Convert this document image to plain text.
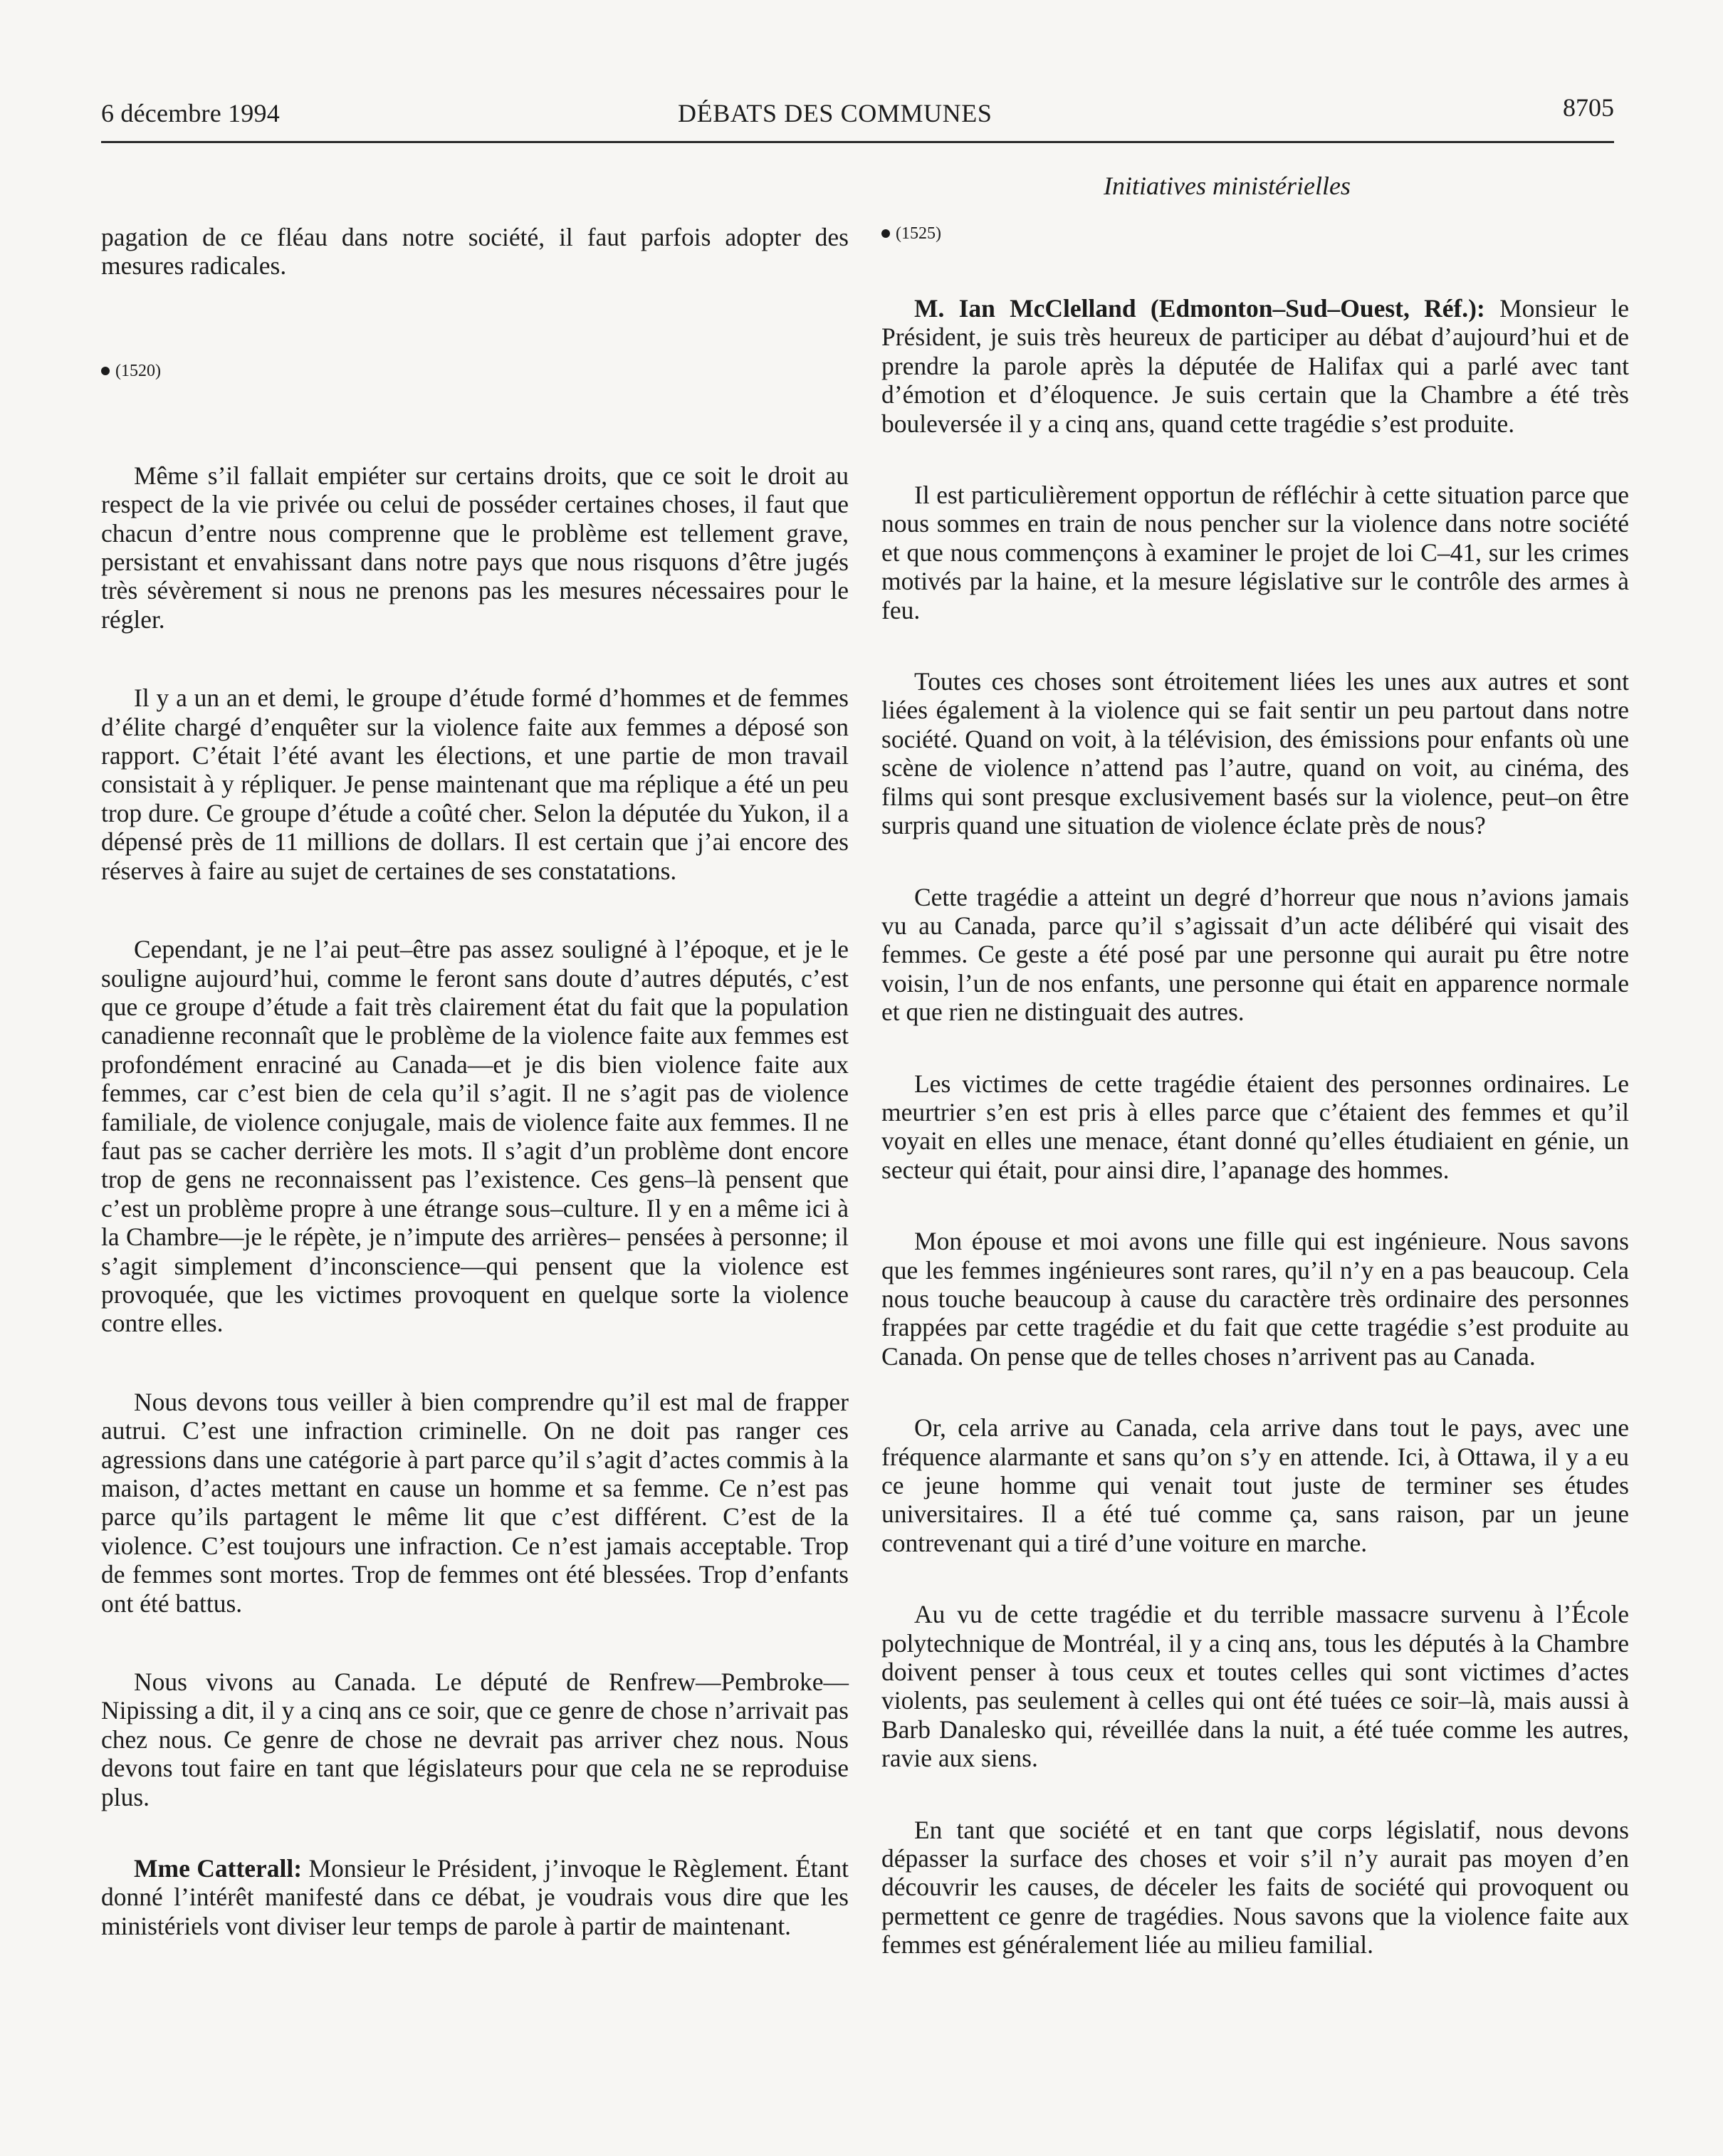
6 décembre 1994	DÉBATS DES COMMUNES	8705
Initiatives ministérielles

pagation de ce fléau dans notre société, il faut parfois adopter des mesures radicales.

(1520)

Même s’il fallait empiéter sur certains droits, que ce soit le droit au respect de la vie privée ou celui de posséder certaines choses, il faut que chacun d’entre nous comprenne que le problème est tellement grave, persistant et envahissant dans notre pays que nous risquons d’être jugés très sévèrement si nous ne prenons pas les mesures nécessaires pour le régler.

Il y a un an et demi, le groupe d’étude formé d’hommes et de femmes d’élite chargé d’enquêter sur la violence faite aux femmes a déposé son rapport. C’était l’été avant les élections, et une partie de mon travail consistait à y répliquer. Je pense maintenant que ma réplique a été un peu trop dure. Ce groupe d’étude a coûté cher. Selon la députée du Yukon, il a dépensé près de 11 millions de dollars. Il est certain que j’ai encore des réserves à faire au sujet de certaines de ses constatations.

Cependant, je ne l’ai peut–être pas assez souligné à l’époque, et je le souligne aujourd’hui, comme le feront sans doute d’autres députés, c’est que ce groupe d’étude a fait très clairement état du fait que la population canadienne reconnaît que le problème de la violence faite aux femmes est profondément enraciné au Canada—et je dis bien violence faite aux femmes, car c’est bien de cela qu’il s’agit. Il ne s’agit pas de violence familiale, de violence conjugale, mais de violence faite aux femmes. Il ne faut pas se cacher derrière les mots. Il s’agit d’un problème dont encore trop de gens ne reconnaissent pas l’existence. Ces gens–là pensent que c’est un problème propre à une étrange sous–culture. Il y en a même ici à la Chambre—je le répète, je n’impute des arrières– pensées à personne; il s’agit simplement d’inconscience—qui pensent que la violence est provoquée, que les victimes provoquent en quelque sorte la violence contre elles.

Nous devons tous veiller à bien comprendre qu’il est mal de frapper autrui. C’est une infraction criminelle. On ne doit pas ranger ces agressions dans une catégorie à part parce qu’il s’agit d’actes commis à la maison, d’actes mettant en cause un homme et sa femme. Ce n’est pas parce qu’ils partagent le même lit que c’est différent. C’est de la violence. C’est toujours une infraction. Ce n’est jamais acceptable. Trop de femmes sont mortes. Trop de femmes ont été blessées. Trop d’enfants ont été battus.

Nous vivons au Canada. Le député de Renfrew—Pembroke— Nipissing a dit, il y a cinq ans ce soir, que ce genre de chose n’arrivait pas chez nous. Ce genre de chose ne devrait pas arriver chez nous. Nous devons tout faire en tant que législateurs pour que cela ne se reproduise plus.

Mme Catterall: Monsieur le Président, j’invoque le Règlement. Étant donné l’intérêt manifesté dans ce débat, je voudrais vous dire que les ministériels vont diviser leur temps de parole à partir de maintenant.

(1525)

M. Ian McClelland (Edmonton–Sud–Ouest, Réf.): Monsieur le Président, je suis très heureux de participer au débat d’aujourd’hui et de prendre la parole après la députée de Halifax qui a parlé avec tant d’émotion et d’éloquence. Je suis certain que la Chambre a été très bouleversée il y a cinq ans, quand cette tragédie s’est produite.

Il est particulièrement opportun de réfléchir à cette situation parce que nous sommes en train de nous pencher sur la violence dans notre société et que nous commençons à examiner le projet de loi C–41, sur les crimes motivés par la haine, et la mesure législative sur le contrôle des armes à feu.

Toutes ces choses sont étroitement liées les unes aux autres et sont liées également à la violence qui se fait sentir un peu partout dans notre société. Quand on voit, à la télévision, des émissions pour enfants où une scène de violence n’attend pas l’autre, quand on voit, au cinéma, des films qui sont presque exclusivement basés sur la violence, peut–on être surpris quand une situation de violence éclate près de nous?

Cette tragédie a atteint un degré d’horreur que nous n’avions jamais vu au Canada, parce qu’il s’agissait d’un acte délibéré qui visait des femmes. Ce geste a été posé par une personne qui aurait pu être notre voisin, l’un de nos enfants, une personne qui était en apparence normale et que rien ne distinguait des autres.

Les victimes de cette tragédie étaient des personnes ordinaires. Le meurtrier s’en est pris à elles parce que c’étaient des femmes et qu’il voyait en elles une menace, étant donné qu’elles étudiaient en génie, un secteur qui était, pour ainsi dire, l’apanage des hommes.

Mon épouse et moi avons une fille qui est ingénieure. Nous savons que les femmes ingénieures sont rares, qu’il n’y en a pas beaucoup. Cela nous touche beaucoup à cause du caractère très ordinaire des personnes frappées par cette tragédie et du fait que cette tragédie s’est produite au Canada. On pense que de telles choses n’arrivent pas au Canada.

Or, cela arrive au Canada, cela arrive dans tout le pays, avec une fréquence alarmante et sans qu’on s’y en attende. Ici, à Ottawa, il y a eu ce jeune homme qui venait tout juste de terminer ses études universitaires. Il a été tué comme ça, sans raison, par un jeune contrevenant qui a tiré d’une voiture en marche.

Au vu de cette tragédie et du terrible massacre survenu à l’École polytechnique de Montréal, il y a cinq ans, tous les députés à la Chambre doivent penser à tous ceux et toutes celles qui sont victimes d’actes violents, pas seulement à celles qui ont été tuées ce soir–là, mais aussi à Barb Danalesko qui, réveillée dans la nuit, a été tuée comme les autres, ravie aux siens.

En tant que société et en tant que corps législatif, nous devons dépasser la surface des choses et voir s’il n’y aurait pas moyen d’en découvrir les causes, de déceler les faits de société qui provoquent ou permettent ce genre de tragédies. Nous savons que la violence faite aux femmes est généralement liée au milieu familial.
